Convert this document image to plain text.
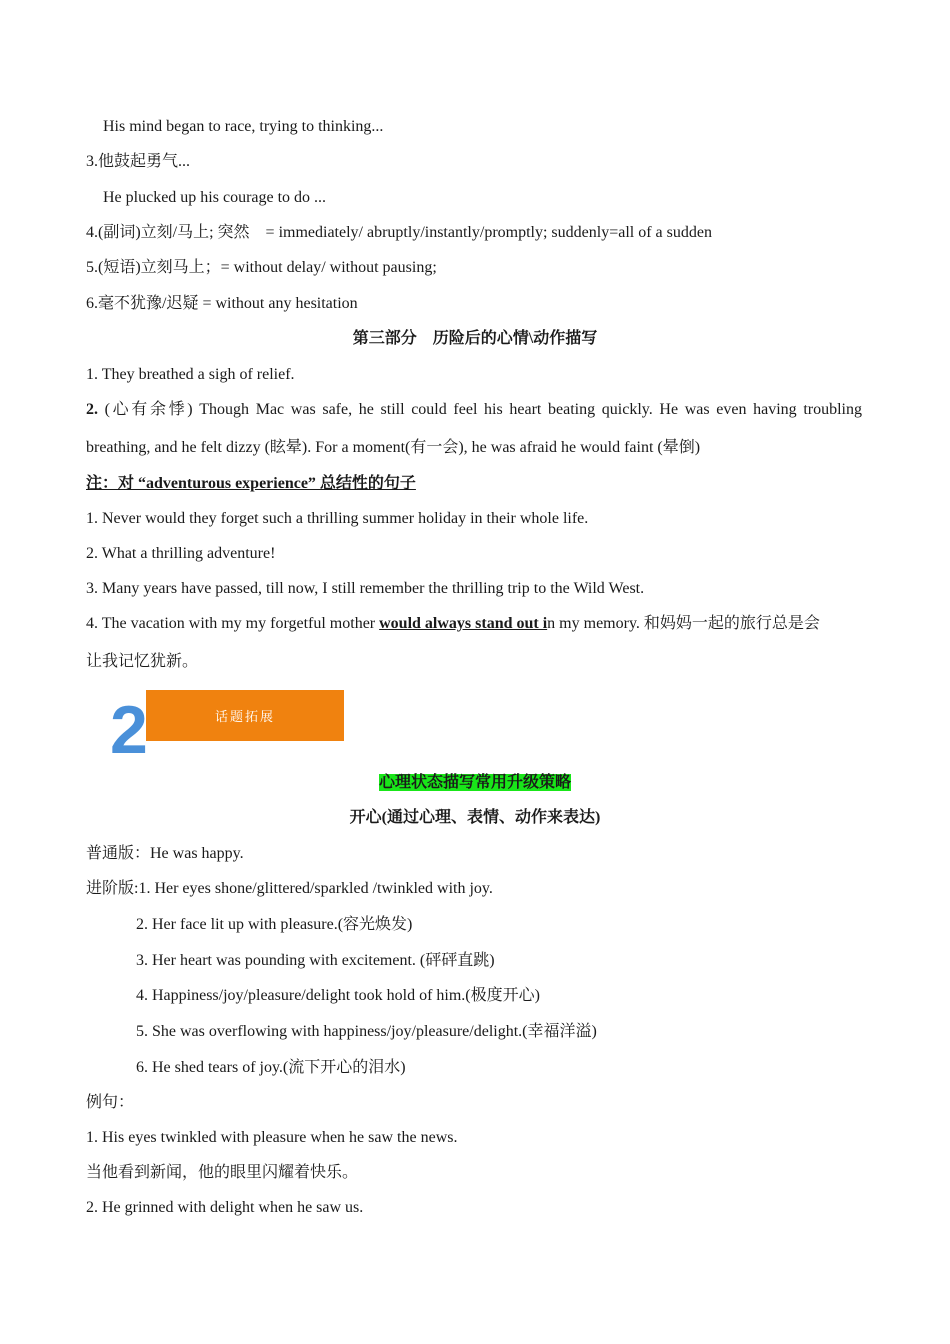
His mind began to race, trying to thinking...
3.他鼓起勇气...
He plucked up his courage to do ...
4.(副词)立刻/马上; 突然　= immediately/ abruptly/instantly/promptly; suddenly=all of a sudden
5.(短语)立刻马上；= without delay/ without pausing;
6.毫不犹豫/迟疑 = without any hesitation
第三部分　历险后的心情\动作描写
1. They breathed a sigh of relief.
2. (心有余悸) Though Mac was safe, he still could feel his heart beating quickly. He was even having troubling
breathing, and he felt dizzy (眩晕). For a moment(有一会), he was afraid he would faint (晕倒)
注：对 “adventurous experience” 总结性的句子
1. Never would they forget such a thrilling summer holiday in their whole life.
2. What a thrilling adventure!
3. Many years have passed, till now, I still remember the thrilling trip to the Wild West.
4. The vacation with my my forgetful mother would always stand out in my memory. 和妈妈一起的旅行总是会
让我记忆犹新。
话题拓展
2
心理状态描写常用升级策略
开心(通过心理、表情、动作来表达)
普通版：He was happy.
进阶版:1. Her eyes shone/glittered/sparkled /twinkled with joy.
2. Her face lit up with pleasure.(容光焕发)
3. Her heart was pounding with excitement. (砰砰直跳)
4. Happiness/joy/pleasure/delight took hold of him.(极度开心)
5. She was overflowing with happiness/joy/pleasure/delight.(幸福洋溢)
6. He shed tears of joy.(流下开心的泪水)
例句：
1. His eyes twinkled with pleasure when he saw the news.
当他看到新闻，他的眼里闪耀着快乐。
2. He grinned with delight when he saw us.
